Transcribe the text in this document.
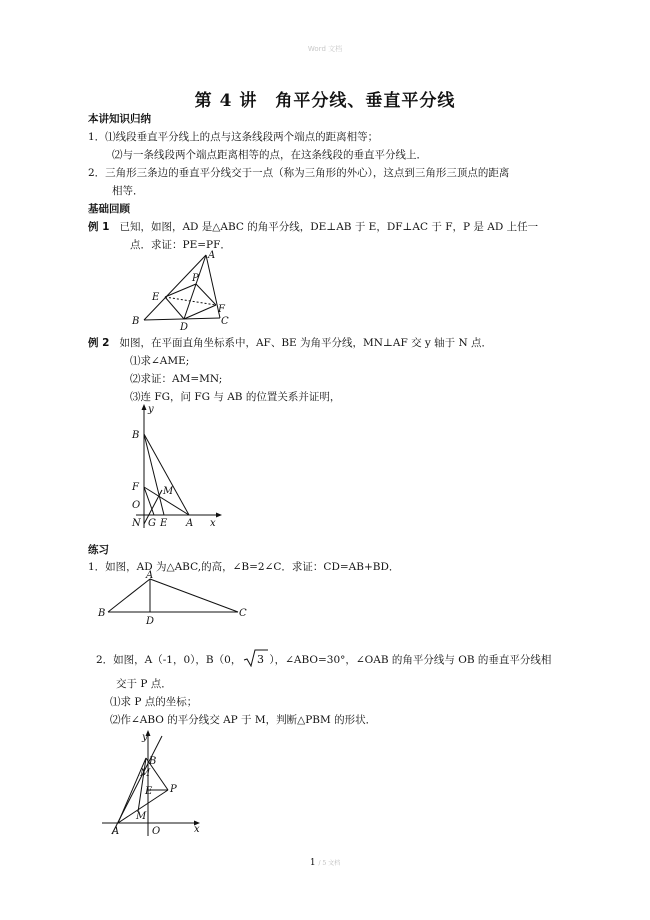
Word 文档
第 4 讲　角平分线、垂直平分线
本讲知识归纳
1．⑴线段垂直平分线上的点与这条线段两个端点的距离相等；
⑵与一条线段两个端点距离相等的点，在这条线段的垂直平分线上．
2．三角形三条边的垂直平分线交于一点（称为三角形的外心），这点到三角形三顶点的距离
相等．
基础回顾
例 1 已知，如图，AD 是△ABC 的角平分线，DE⊥AB 于 E，DF⊥AC 于 F，P 是 AD 上任一
点．求证：PE=PF．
A
E
P
F
B
D
C
例 2 如图，在平面直角坐标系中，AF、BE 为角平分线，MN⊥AF 交 y 轴于 N 点．
⑴求∠AME;
⑵求证：AM=MN;
⑶连 FG，问 FG 与 AB 的位置关系并证明，
y
B
F M
O
N G E A x
练习
1．如图，AD 为△ABC,的高，∠B=2∠C．求证：CD=AB+BD．
A
B
D
C
2．如图，A（-1，0），B（0，	），∠ABO=30°，∠OAB 的角平分线与 OB 的垂直平分线相
3
交于 P 点．
⑴求 P 点的坐标；
⑵作∠ABO 的平分线交 AP 于 M，判断△PBM 的形状．
y
B
M
E P
M
A	O	x
1 / 5 文档
